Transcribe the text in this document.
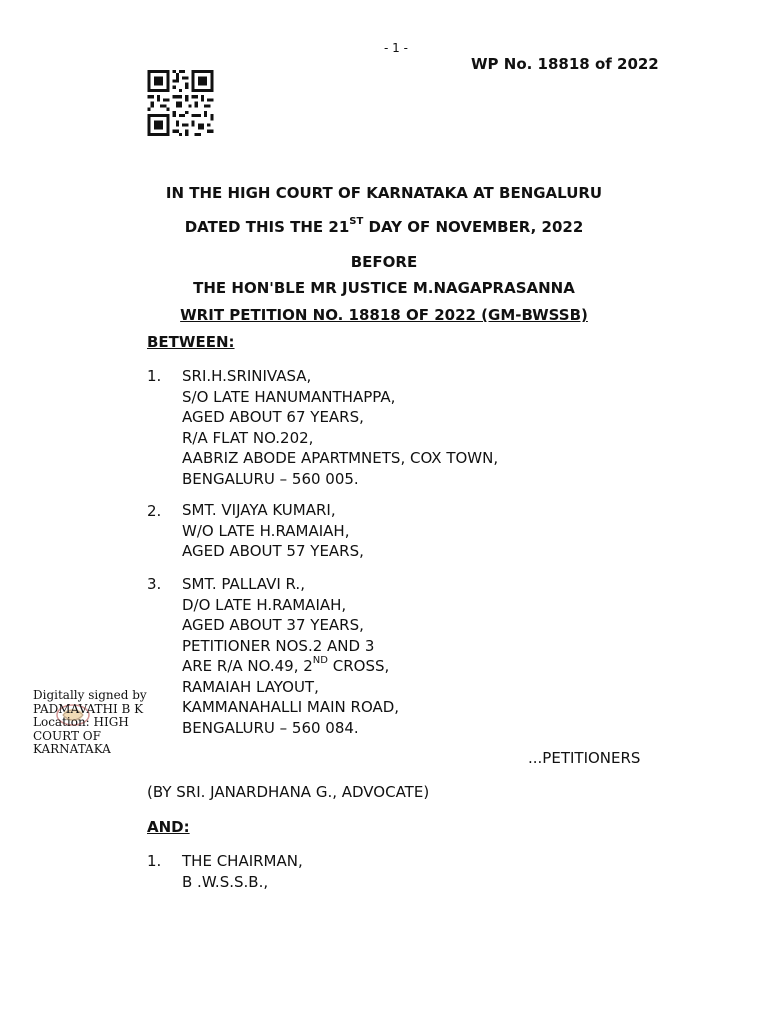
- 1 -
WP No. 18818 of 2022
IN THE HIGH COURT OF KARNATAKA AT BENGALURU
DATED THIS THE 21ST DAY OF NOVEMBER, 2022
BEFORE
THE HON'BLE MR JUSTICE M.NAGAPRASANNA
WRIT PETITION NO. 18818 OF 2022 (GM-BWSSB)
BETWEEN:
1.	SRI.H.SRINIVASA,
S/O LATE HANUMANTHAPPA,
AGED ABOUT 67 YEARS,
R/A FLAT NO.202,
AABRIZ ABODE APARTMNETS, COX TOWN,
BENGALURU – 560 005.
2.	SMT. VIJAYA KUMARI,
W/O LATE H.RAMAIAH,
AGED ABOUT 57 YEARS,
3.	SMT. PALLAVI R.,
D/O LATE H.RAMAIAH,
AGED ABOUT 37 YEARS,
PETITIONER NOS.2 AND 3
ARE R/A NO.49, 2ND CROSS,
RAMAIAH LAYOUT,
KAMMANAHALLI MAIN ROAD,
BENGALURU – 560 084.
Digitally signed by
PADMAVATHI B K
Location: HIGH
COURT OF
KARNATAKA	...PETITIONERS
(BY SRI. JANARDHANA G., ADVOCATE)
AND:
1.	THE CHAIRMAN,
B .W.S.S.B.,
